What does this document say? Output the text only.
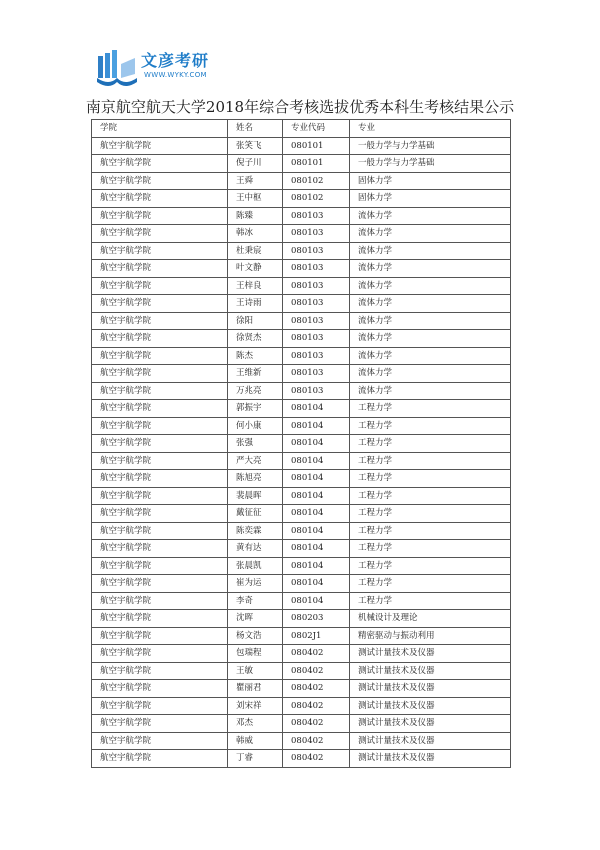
文彦考研
WWW.WYKY.COM
南京航空航天大学2018年综合考核选拔优秀本科生考核结果公示
学院	姓名	专业代码	专业
航空宇航学院	张笑飞	080101	一般力学与力学基础
航空宇航学院	倪子川	080101	一般力学与力学基础
航空宇航学院	王舜	080102	固体力学
航空宇航学院	王中枢	080102	固体力学
航空宇航学院	陈臻	080103	流体力学
航空宇航学院	韩冰	080103	流体力学
航空宇航学院	杜秉宸	080103	流体力学
航空宇航学院	叶文静	080103	流体力学
航空宇航学院	王梓良	080103	流体力学
航空宇航学院	王诗雨	080103	流体力学
航空宇航学院	徐阳	080103	流体力学
航空宇航学院	徐贤杰	080103	流体力学
航空宇航学院	陈杰	080103	流体力学
航空宇航学院	王维新	080103	流体力学
航空宇航学院	万兆亮	080103	流体力学
航空宇航学院	郭振宇	080104	工程力学
航空宇航学院	何小康	080104	工程力学
航空宇航学院	张强	080104	工程力学
航空宇航学院	严大亮	080104	工程力学
航空宇航学院	陈旭亮	080104	工程力学
航空宇航学院	裴晨晖	080104	工程力学
航空宇航学院	戴征征	080104	工程力学
航空宇航学院	陈奕霖	080104	工程力学
航空宇航学院	黄有达	080104	工程力学
航空宇航学院	张晨凯	080104	工程力学
航空宇航学院	崔为运	080104	工程力学
航空宇航学院	李奇	080104	工程力学
航空宇航学院	沈晖	080203	机械设计及理论
航空宇航学院	杨文浩	0802J1	精密驱动与振动利用
航空宇航学院	包瑞程	080402	测试计量技术及仪器
航空宇航学院	王敏	080402	测试计量技术及仪器
航空宇航学院	瞿丽君	080402	测试计量技术及仪器
航空宇航学院	刘宋祥	080402	测试计量技术及仪器
航空宇航学院	邓杰	080402	测试计量技术及仪器
航空宇航学院	韩威	080402	测试计量技术及仪器
航空宇航学院	丁睿	080402	测试计量技术及仪器
